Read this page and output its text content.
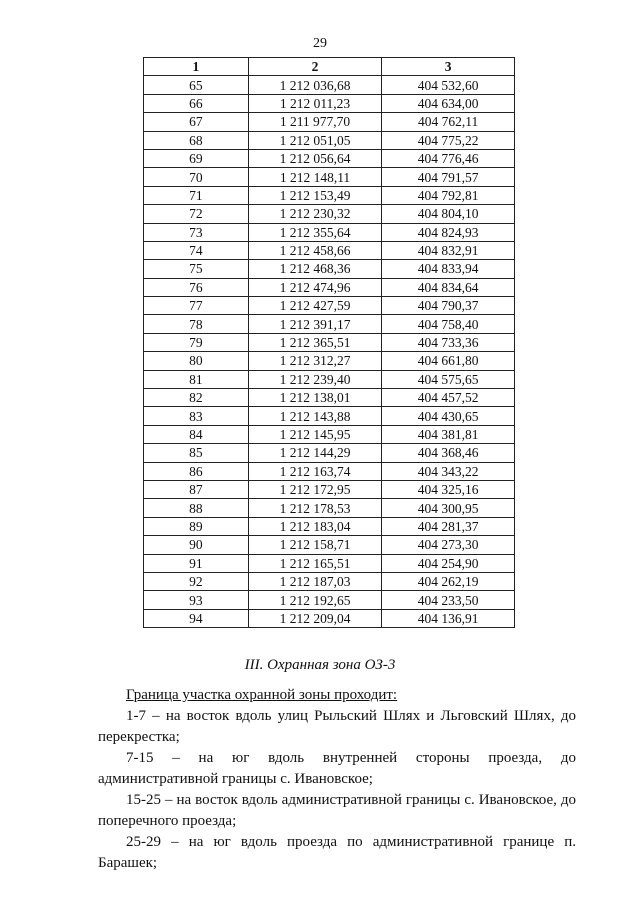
29
1	2	3
65	1 212 036,68	404 532,60
66	1 212 011,23	404 634,00
67	1 211 977,70	404 762,11
68	1 212 051,05	404 775,22
69	1 212 056,64	404 776,46
70	1 212 148,11	404 791,57
71	1 212 153,49	404 792,81
72	1 212 230,32	404 804,10
73	1 212 355,64	404 824,93
74	1 212 458,66	404 832,91
75	1 212 468,36	404 833,94
76	1 212 474,96	404 834,64
77	1 212 427,59	404 790,37
78	1 212 391,17	404 758,40
79	1 212 365,51	404 733,36
80	1 212 312,27	404 661,80
81	1 212 239,40	404 575,65
82	1 212 138,01	404 457,52
83	1 212 143,88	404 430,65
84	1 212 145,95	404 381,81
85	1 212 144,29	404 368,46
86	1 212 163,74	404 343,22
87	1 212 172,95	404 325,16
88	1 212 178,53	404 300,95
89	1 212 183,04	404 281,37
90	1 212 158,71	404 273,30
91	1 212 165,51	404 254,90
92	1 212 187,03	404 262,19
93	1 212 192,65	404 233,50
94	1 212 209,04	404 136,91
III. Охранная зона ОЗ-3

Граница участка охранной зоны проходит:

1-7 – на восток вдоль улиц Рыльский Шлях и Льговский Шлях, до перекрестка;

7-15 – на юг вдоль внутренней стороны проезда, до административной границы с. Ивановское;

15-25 – на восток вдоль административной границы с. Ивановское, до поперечного проезда;

25-29 – на юг вдоль проезда по административной границе п. Барашек;
